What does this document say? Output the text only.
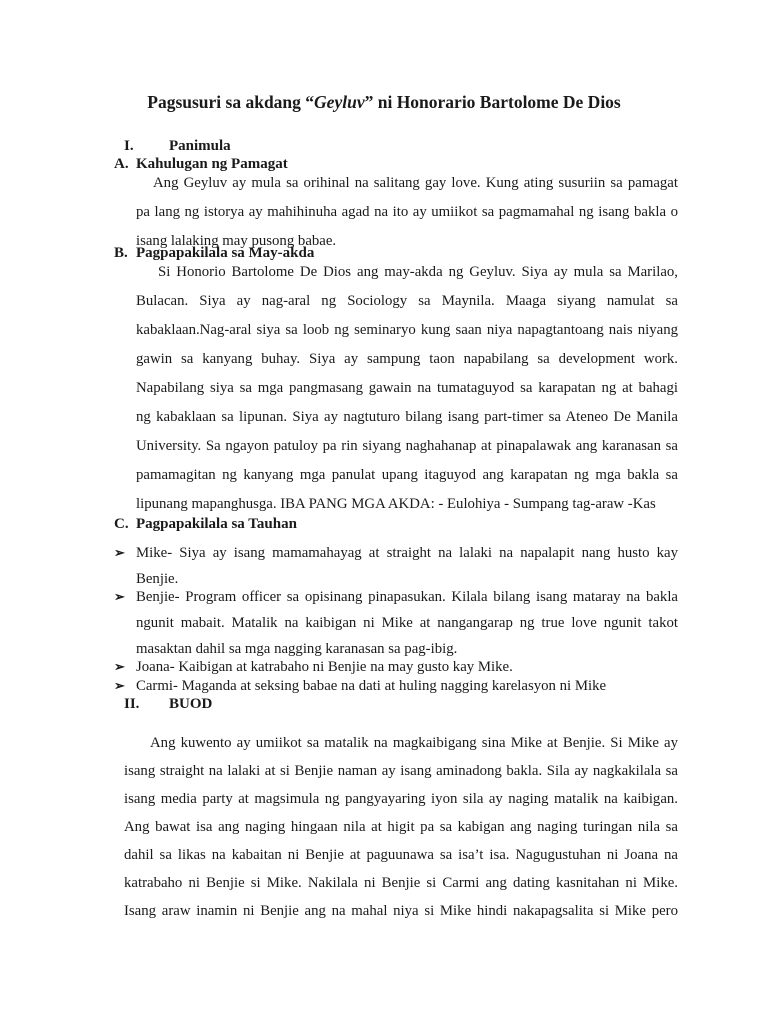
Pagsusuri sa akdang “Geyluv” ni Honorario Bartolome De Dios
I. Panimula
A. Kahulugan ng Pamagat
Ang Geyluv ay mula sa orihinal na salitang gay love. Kung ating susuriin sa pamagat
pa lang ng istorya ay mahihinuha agad na ito ay umiikot sa pagmamahal ng isang bakla o
isang lalaking may pusong babae.
B. Pagpapakilala sa May-akda
Si Honorio Bartolome De Dios ang may-akda ng Geyluv. Siya ay mula sa Marilao,
Bulacan. Siya ay nag-aral ng Sociology sa Maynila. Maaga siyang namulat sa
kabaklaan.Nag-aral siya sa loob ng seminaryo kung saan niya napagtantoang nais niyang
gawin sa kanyang buhay. Siya ay sampung taon napabilang sa development work.
Napabilang siya sa mga pangmasang gawain na tumataguyod sa karapatan ng at bahagi
ng kabaklaan sa lipunan. Siya ay nagtuturo bilang isang part-timer sa Ateneo De Manila
University. Sa ngayon patuloy pa rin siyang naghahanap at pinapalawak ang karanasan sa
pamamagitan ng kanyang mga panulat upang itaguyod ang karapatan ng mga bakla sa
lipunang mapanghusga. IBA PANG MGA AKDA: - Eulohiya - Sumpang tag-araw -Kas
C. Pagpapakilala sa Tauhan
➢ Mike- Siya ay isang mamamahayag at straight na lalaki na napalapit nang husto kay
Benjie.
➢ Benjie- Program officer sa opisinang pinapasukan. Kilala bilang isang mataray na bakla
ngunit mabait. Matalik na kaibigan ni Mike at nangangarap ng true love ngunit takot
masaktan dahil sa mga nagging karanasan sa pag-ibig.
➢ Joana- Kaibigan at katrabaho ni Benjie na may gusto kay Mike.
➢ Carmi- Maganda at seksing babae na dati at huling nagging karelasyon ni Mike
II. BUOD
Ang kuwento ay umiikot sa matalik na magkaibigang sina Mike at Benjie. Si Mike ay
isang straight na lalaki at si Benjie naman ay isang aminadong bakla. Sila ay nagkakilala sa
isang media party at magsimula ng pangyayaring iyon sila ay naging matalik na kaibigan.
Ang bawat isa ang naging hingaan nila at higit pa sa kabigan ang naging turingan nila sa
dahil sa likas na kabaitan ni Benjie at paguunawa sa isa’t isa. Nagugustuhan ni Joana na
katrabaho ni Benjie si Mike. Nakilala ni Benjie si Carmi ang dating kasnitahan ni Mike.
Isang araw inamin ni Benjie ang na mahal niya si Mike hindi nakapagsalita si Mike pero
